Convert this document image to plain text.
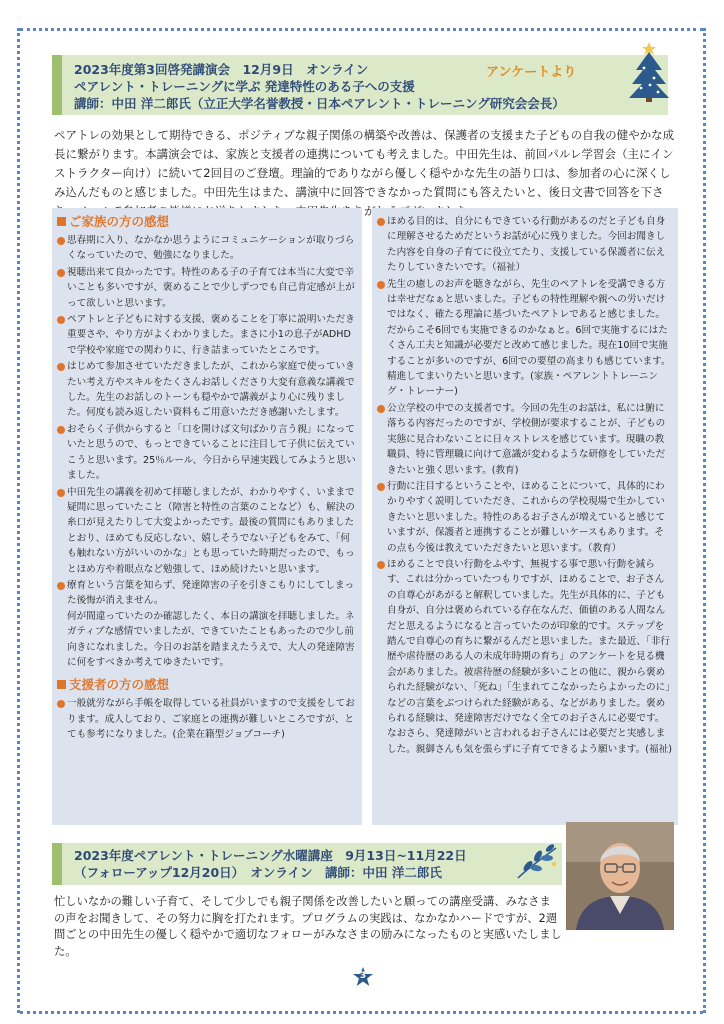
2023年度第3回啓発講演会　12月9日　オンライン
ペアレント・トレーニングに学ぶ 発達特性のある子への支援
講師：中田 洋二郎氏（立正大学名誉教授・日本ペアレント・トレーニング研究会会長）
アンケートより
ペアトレの効果として期待できる、ポジティブな親子関係の構築や改善は、保護者の支援また子どもの自我の健やかな成長に繋がります。本講演会では、家族と支援者の連携についても考えました。中田先生は、前回パルレ学習会（主にインストラクター向け）に続いて2回目のご登壇。理論的でありながら優しく穏やかな先生の語り口は、参加者の心に深くしみ込んだものと感じました。中田先生はまた、講演中に回答できなかった質問にも答えたいと、後日文書で回答を下さ ありがと
ご家族の方の感想
思春期に入り、なかなか思うようにコミュニケーションが取りづらくなっていたので、勉強になりました。
視聴出来て良かったです。特性のある子の子育ては本当に大変で辛いことも多いですが、褒めることで少しずつでも自己肯定感が上がって欲しいと思います。
ペアトレと子どもに対する支援、褒めることを丁寧に説明いただき重要さや、やり方がよくわかりました。まさに小1の息子がADHDで学校や家庭での関わりに、行き詰まっていたところです。
はじめて参加させていただきましたが、これから家庭で使っていきたい考え方やスキルをたくさんお話しくださり大変有意義な講義でした。先生のお話しのトーンも穏やかで講義がより心に残りました。何度も読み返したい資料もご用意いただき感謝いたします。
おそらく子供からすると「口を開けば文句ばかり言う親」になっていたと思うので、もっとできていることに注目して子供に伝えていこうと思います。25％ルール、今日から早速実践してみようと思いました。
中田先生の講義を初めて拝聴しましたが、わかりやすく、いままで疑問に思っていたこと（障害と特性の言葉のことなど）も、解決の糸口が見えたりして大変よかったです。最後の質問にもありましたとおり、ほめても反応しない、嬉しそうでない子どもをみて、「何も触れない方がいいのかな」とも思っていた時期だったので、もっとほめ方や着眼点など勉強して、ほめ続けたいと思います。
療育という言葉を知らず、発達障害の子を引きこもりにしてしまった後悔が消えません。
何が間違っていたのか確認したく、本日の講演を拝聴しました。ネガティブな感情でいましたが、できていたこともあったので少し前向きになれました。今日のお話を踏まえたうえで、大人の発達障害に何をすべきか考えてゆきたいです。
支援者の方の感想
一般就労ながら手帳を取得している社員がいますので支援をしております。成人しており、ご家庭との連携が難しいところですが、とても参考になりました。(企業在籍型ジョブコーチ)
ほめる目的は、自分にもできている行動があるのだと子ども自身に理解させるためだというお話が心に残りました。今回お聞きした内容を自身の子育てに役立てたり、支援している保護者に伝えたりしていきたいです。（福祉）
先生の癒しのお声を聴きながら、先生のペアトレを受講できる方は幸せだなぁと思いました。子どもの特性理解や親への労いだけではなく、確たる理論に基づいたペアトレであると感じました。だからこそ6回でも実施できるのかなぁと。6回で実施するにはたくさん工夫と知識が必要だと改めて感じました。現在10回で実施することが多いのですが、6回での要望の高まりも感じています。精進してまいりたいと思います。(家族・ペアレントトレーニング・トレーナー)
公立学校の中での支援者です。今回の先生のお話は、私には腑に落ちる内容だったのですが、学校側が要求することが、子どもの実態に見合わないことに日々ストレスを感じています。現職の教職員、特に管理職に向けて意識が変わるような研修をしていただきたいと強く思います。(教育)
行動に注目するということや、ほめることについて、具体的にわかりやすく説明していただき、これからの学校現場で生かしていきたいと思いました。特性のあるお子さんが増えていると感じていますが、保護者と連携することが難しいケースもあります。その点も今後は教えていただきたいと思います。（教育）
ほめることで良い行動をふやす、無視する事で悪い行動を減らす、これは分かっていたつもりですが、ほめることで、お子さんの自尊心があがると解釈していました。先生が具体的に、子ども自身が、自分は褒められている存在なんだ、価値のある人間なんだと思えるようになると言っていたのが印象的です。ステップを踏んで自尊心の育ちに繋がるんだと思いました。また最近、「非行歴や虐待歴のある人の未成年時期の育ち」のアンケートを見る機会がありました。被虐待歴の経験が多いことの他に、親から褒められた経験がない、「死ね」「生まれてこなかったらよかったのに」などの言葉をぶつけられた経験がある、などがありました。褒められる経験は、発達障害だけでなく全てのお子さんに必要です。なおさら、発達障がいと言われるお子さんには必要だと実感しました。親御さんも気を張らずに子育てできるよう願います。(福祉)
2023年度ペアレント・トレーニング水曜講座　9月13日~11月22日
（フォローアップ12月20日）　オンライン　講師：中田 洋二郎氏
忙しいなかの難しい子育て、そして少しでも親子関係を改善したいと願っての講座受講、みなさまの声をお聞きして、その努力に胸を打たれます。プログラムの実践は、なかなかハードですが、2週間ごとの中田先生の優しく穏やかで適切なフォローがみなさまの励みになったものと実感いたしました。
3
